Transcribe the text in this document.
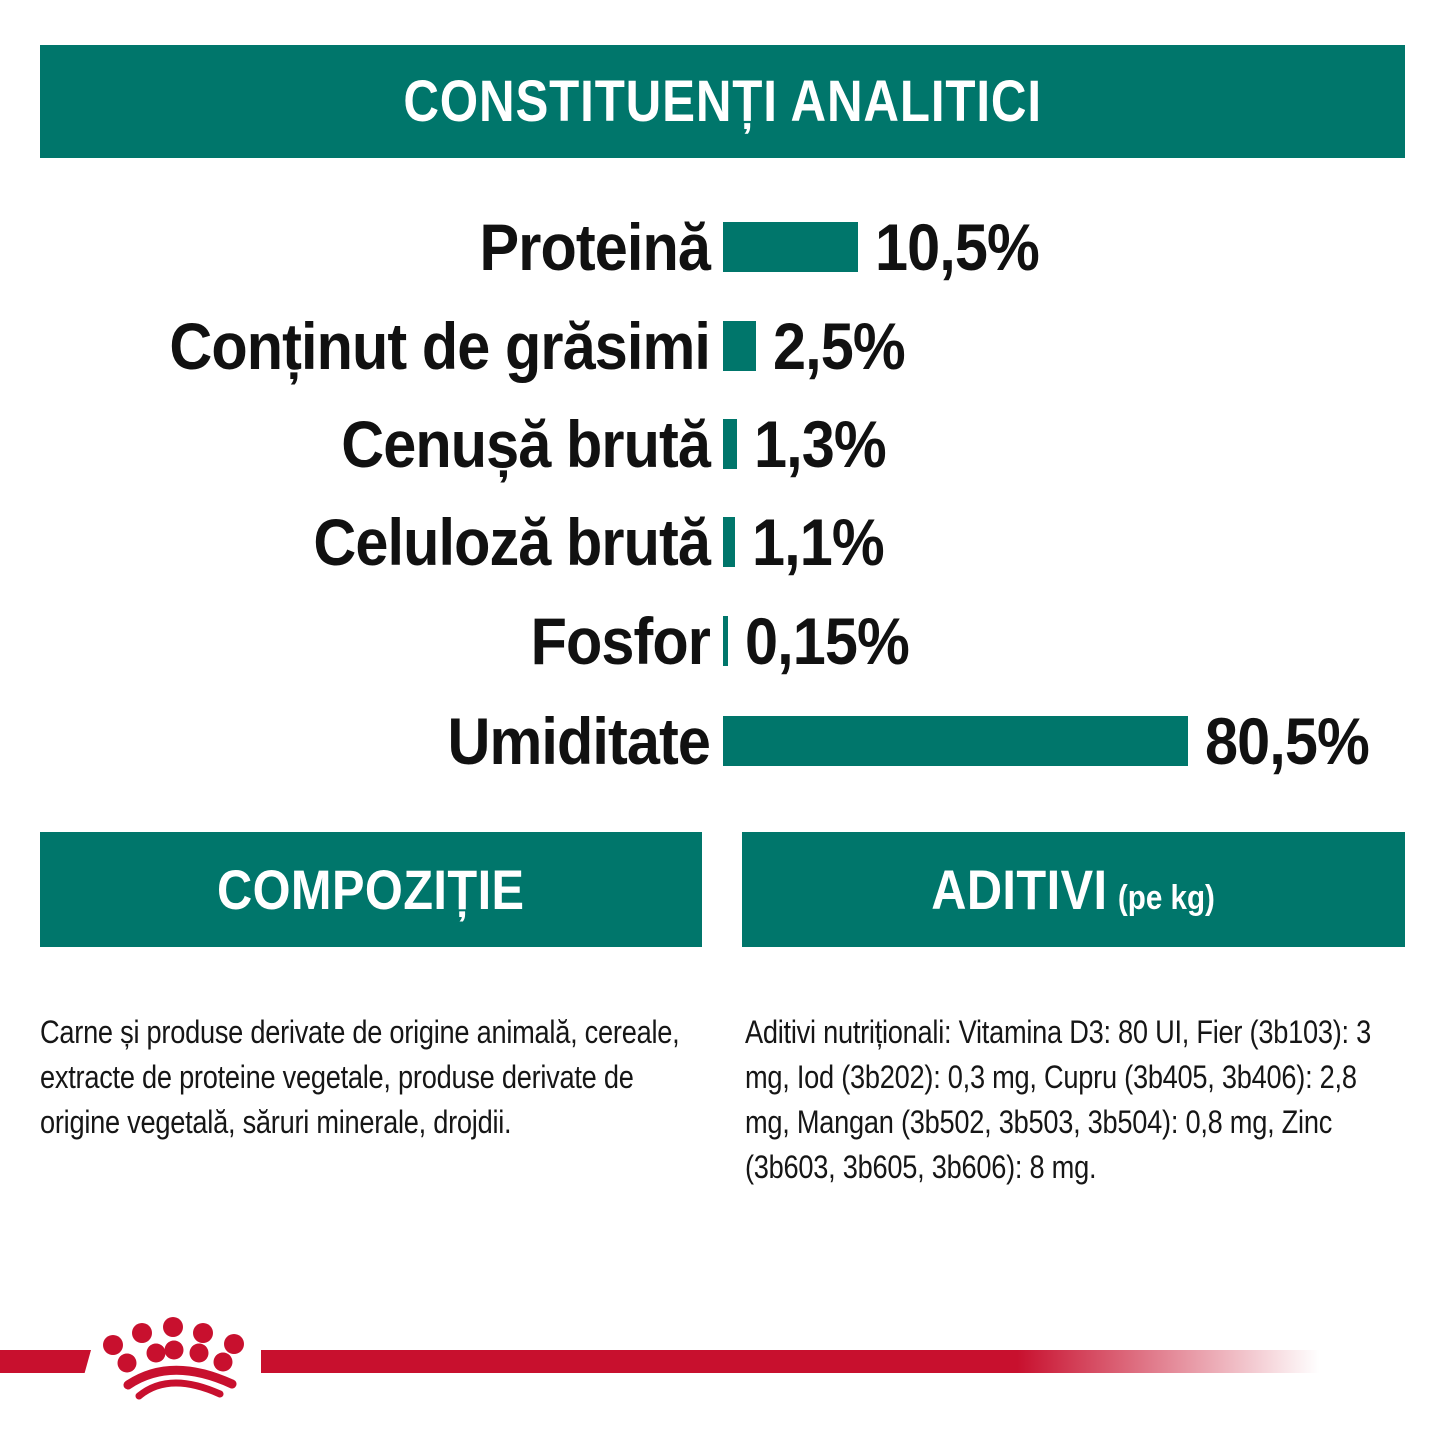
CONSTITUENȚI ANALITICI
Proteină	10,5%
Conținut de grăsimi 2,5%
Cenușă brută 1,3%
Celuloză brută 1,1%
Fosfor 0,15%
Umiditate	80,5%
COMPOZIȚIE	ADITIVI (pe kg)

Carne și produse derivate de origine animală, cereale, extracte de proteine vegetale, produse derivate de origine vegetală, săruri minerale, drojdii.

Aditivi nutriționali: Vitamina D3: 80 UI, Fier (3b103): 3 mg, Iod (3b202): 0,3 mg, Cupru (3b405, 3b406): 2,8 mg, Mangan (3b502, 3b503, 3b504): 0,8 mg, Zinc (3b603, 3b605, 3b606): 8 mg.
